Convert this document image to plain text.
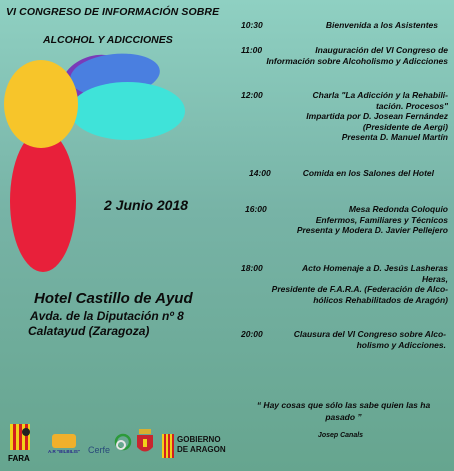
VI CONGRESO DE INFORMACIÓN SOBRE
ALCOHOL Y ADICCIONES
2 Junio 2018
Hotel Castillo de Ayud
Avda. de la Diputación nº 8
Calatayud (Zaragoza)
FARA
A.R "BILBILIS" Cerfe
GOBIERNO
DE ARAGON
10:30	Bienvenida a los Asistentes
11:00	Inauguración del VI Congreso de
Información sobre Alcoholismo y Adicciones
12:00	Charla "La Adicción y la Rehabili-
tación. Procesos"
Impartida por D. Josean Fernández
(Presidente de Aergi)
Presenta D. Manuel Martín
14:00	Comida en los Salones del Hotel
16:00	Mesa Redonda Coloquio
Enfermos, Familiares y Técnicos
Presenta y Modera D. Javier Pellejero
18:00	Acto Homenaje a D. Jesús Lasheras
Heras,
Presidente de F.A.R.A. (Federación de Alco-
hólicos Rehabilitados de Aragón)
20:00	Clausura del VI Congreso sobre Alco-
holismo y Adicciones.
“ Hay cosas que sólo las sabe quien las ha
pasado ”
Josep Canals
